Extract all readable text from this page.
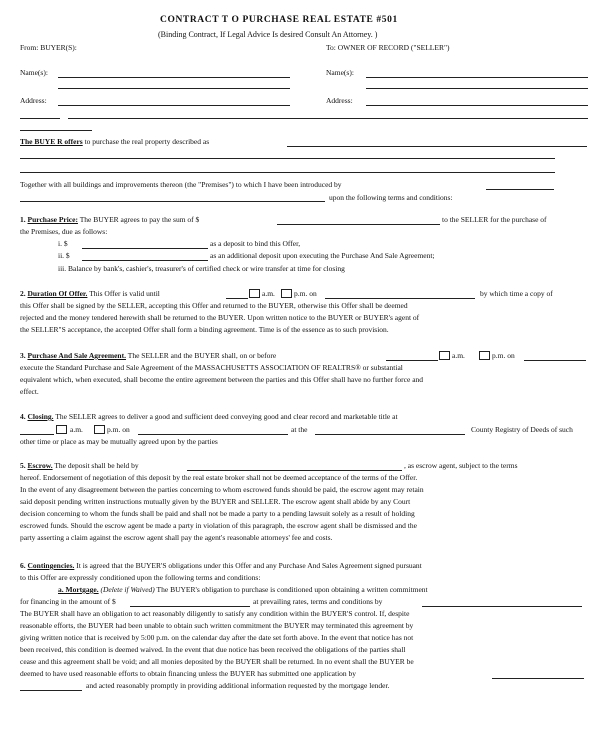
CONTRACT T O PURCHASE REAL ESTATE #501
(Binding Contract, If Legal Advice Is desired Consult An Attorney. )
From: BUYER(S):	To: OWNER OF RECORD ("SELLER")
Name(s):	Name(s):
Address:	Address:
The BUYE R offers to purchase the real property described as
Together with all buildings and improvements thereon (the "Premises") to which I have been introduced by
upon the following terms and conditions:
1. Purchase Price: The BUYER agrees to pay the sum of $	to the SELLER for the purchase of
the Premises, due as follows:
i. $	as a deposit to bind this Offer,
ii. $	as an additional deposit upon executing the Purchase And Sale Agreement;
iii. Balance by bank's, cashier's, treasurer's of certified check or wire transfer at time for closing
2. Duration Of Offer. This Offer is valid until	a.m.	p.m. on	by which time a copy of
this Offer shall be signed by the SELLER, accepting this Offer and returned to the BUYER, otherwise this Offer shall be deemed
rejected and the money tendered herewith shall be returned to the BUYER. Upon written notice to the BUYER or BUYER's agent of
the SELLER"S acceptance, the accepted Offer shall form a binding agreement. Time is of the essence as to such provision.
3. Purchase And Sale Agreement. The SELLER and the BUYER shall, on or before	a.m.	p.m. on
execute the Standard Purchase and Sale Agreement of the MASSACHUSETTS ASSOCIATION OF REALTRS® or substantial
equivalent which, when executed, shall become the entire agreement between the parties and this Offer shall have no further force and
effect.
4. Closing. The SELLER agrees to deliver a good and sufficient deed conveying good and clear record and marketable title at
a.m.	p.m. on	at the	County Registry of Deeds of such
other time or place as may be mutually agreed upon by the parties
5. Escrow. The deposit shall be held by	, as escrow agent, subject to the terms
hereof. Endorsement of negotiation of this deposit by the real estate broker shall not be deemed acceptance of the terms of the Offer.
In the event of any disagreement between the parties concerning to whom escrowed funds should be paid, the escrow agent may retain
said deposit pending written instructions mutually given by the BUYER and SELLER. The escrow agent shall abide by any Court
decision concerning to whom the funds shall be paid and shall not be made a party to a pending lawsuit solely as a result of holding
escrowed funds. Should the escrow agent be made a party in violation of this paragraph, the escrow agent shall be dismissed and the
party asserting a claim against the escrow agent shall pay the agent's reasonable attorneys' fee and costs.
6. Contingencies. It is agreed that the BUYER'S obligations under this Offer and any Purchase And Sales Agreement signed pursuant
to this Offer are expressly conditioned upon the following terms and conditions:
a. Mortgage. (Delete if Waived) The BUYER's obligation to purchase is conditioned upon obtaining a written commitment
for financing in the amount of $	at prevailing rates, terms and conditions by
The BUYER shall have an obligation to act reasonably diligently to satisfy any condition within the BUYER'S control. If, despite
reasonable efforts, the BUYER had been unable to obtain such written commitment the BUYER may terminated this agreement by
giving written notice that is received by 5:00 p.m. on the calendar day after the date set forth above. In the event that notice has not
been received, this condition is deemed waived. In the event that due notice has been received the obligations of the parties shall
cease and this agreement shall be void; and all monies deposited by the BUYER shall be returned. In no event shall the BUYER be
deemed to have used reasonable efforts to obtain financing unless the BUYER has submitted one application by
and acted reasonably promptly in providing additional information requested by the mortgage lender.
